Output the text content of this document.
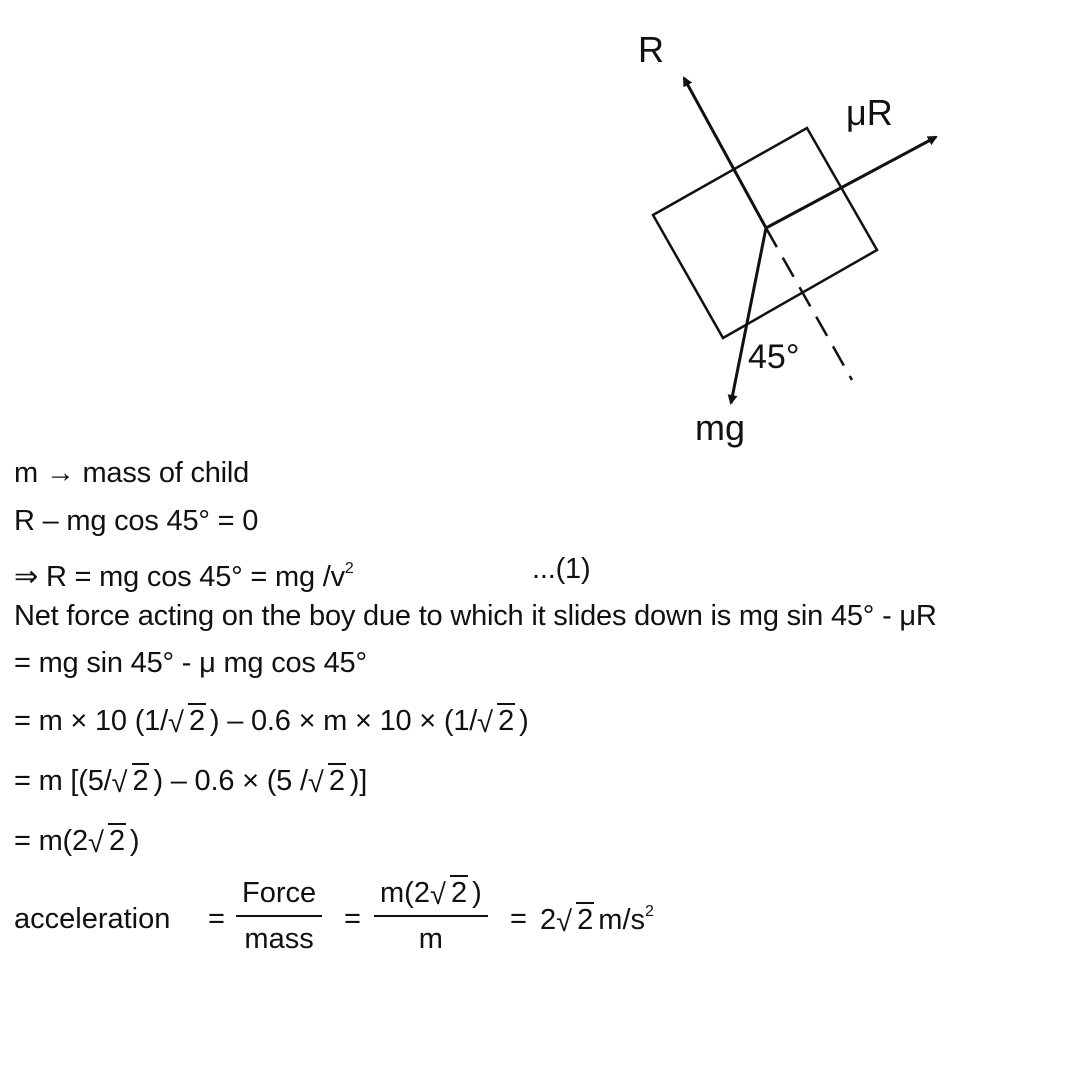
R
μR
mg
45°
m → mass of child
R – mg cos 45° = 0
⇒ R = mg cos 45° = mg $/v^2$	...(1)
Net force acting on the boy due to which it slides down is mg sin 45° - μR
= mg sin 45° - μ mg cos 45°
= m × 10 (1/ √ 2 ) – 0.6 × m × 10 × (1/ √ 2 )
= m [(5/ √ 2 ) – 0.6 × (5 / √ 2 )]
= m(2 √ 2 )
acceleration =
Force
mass
= $\frac{m(2 √ 2 )}{m} = 2$ √ 2 $m/s^2$
